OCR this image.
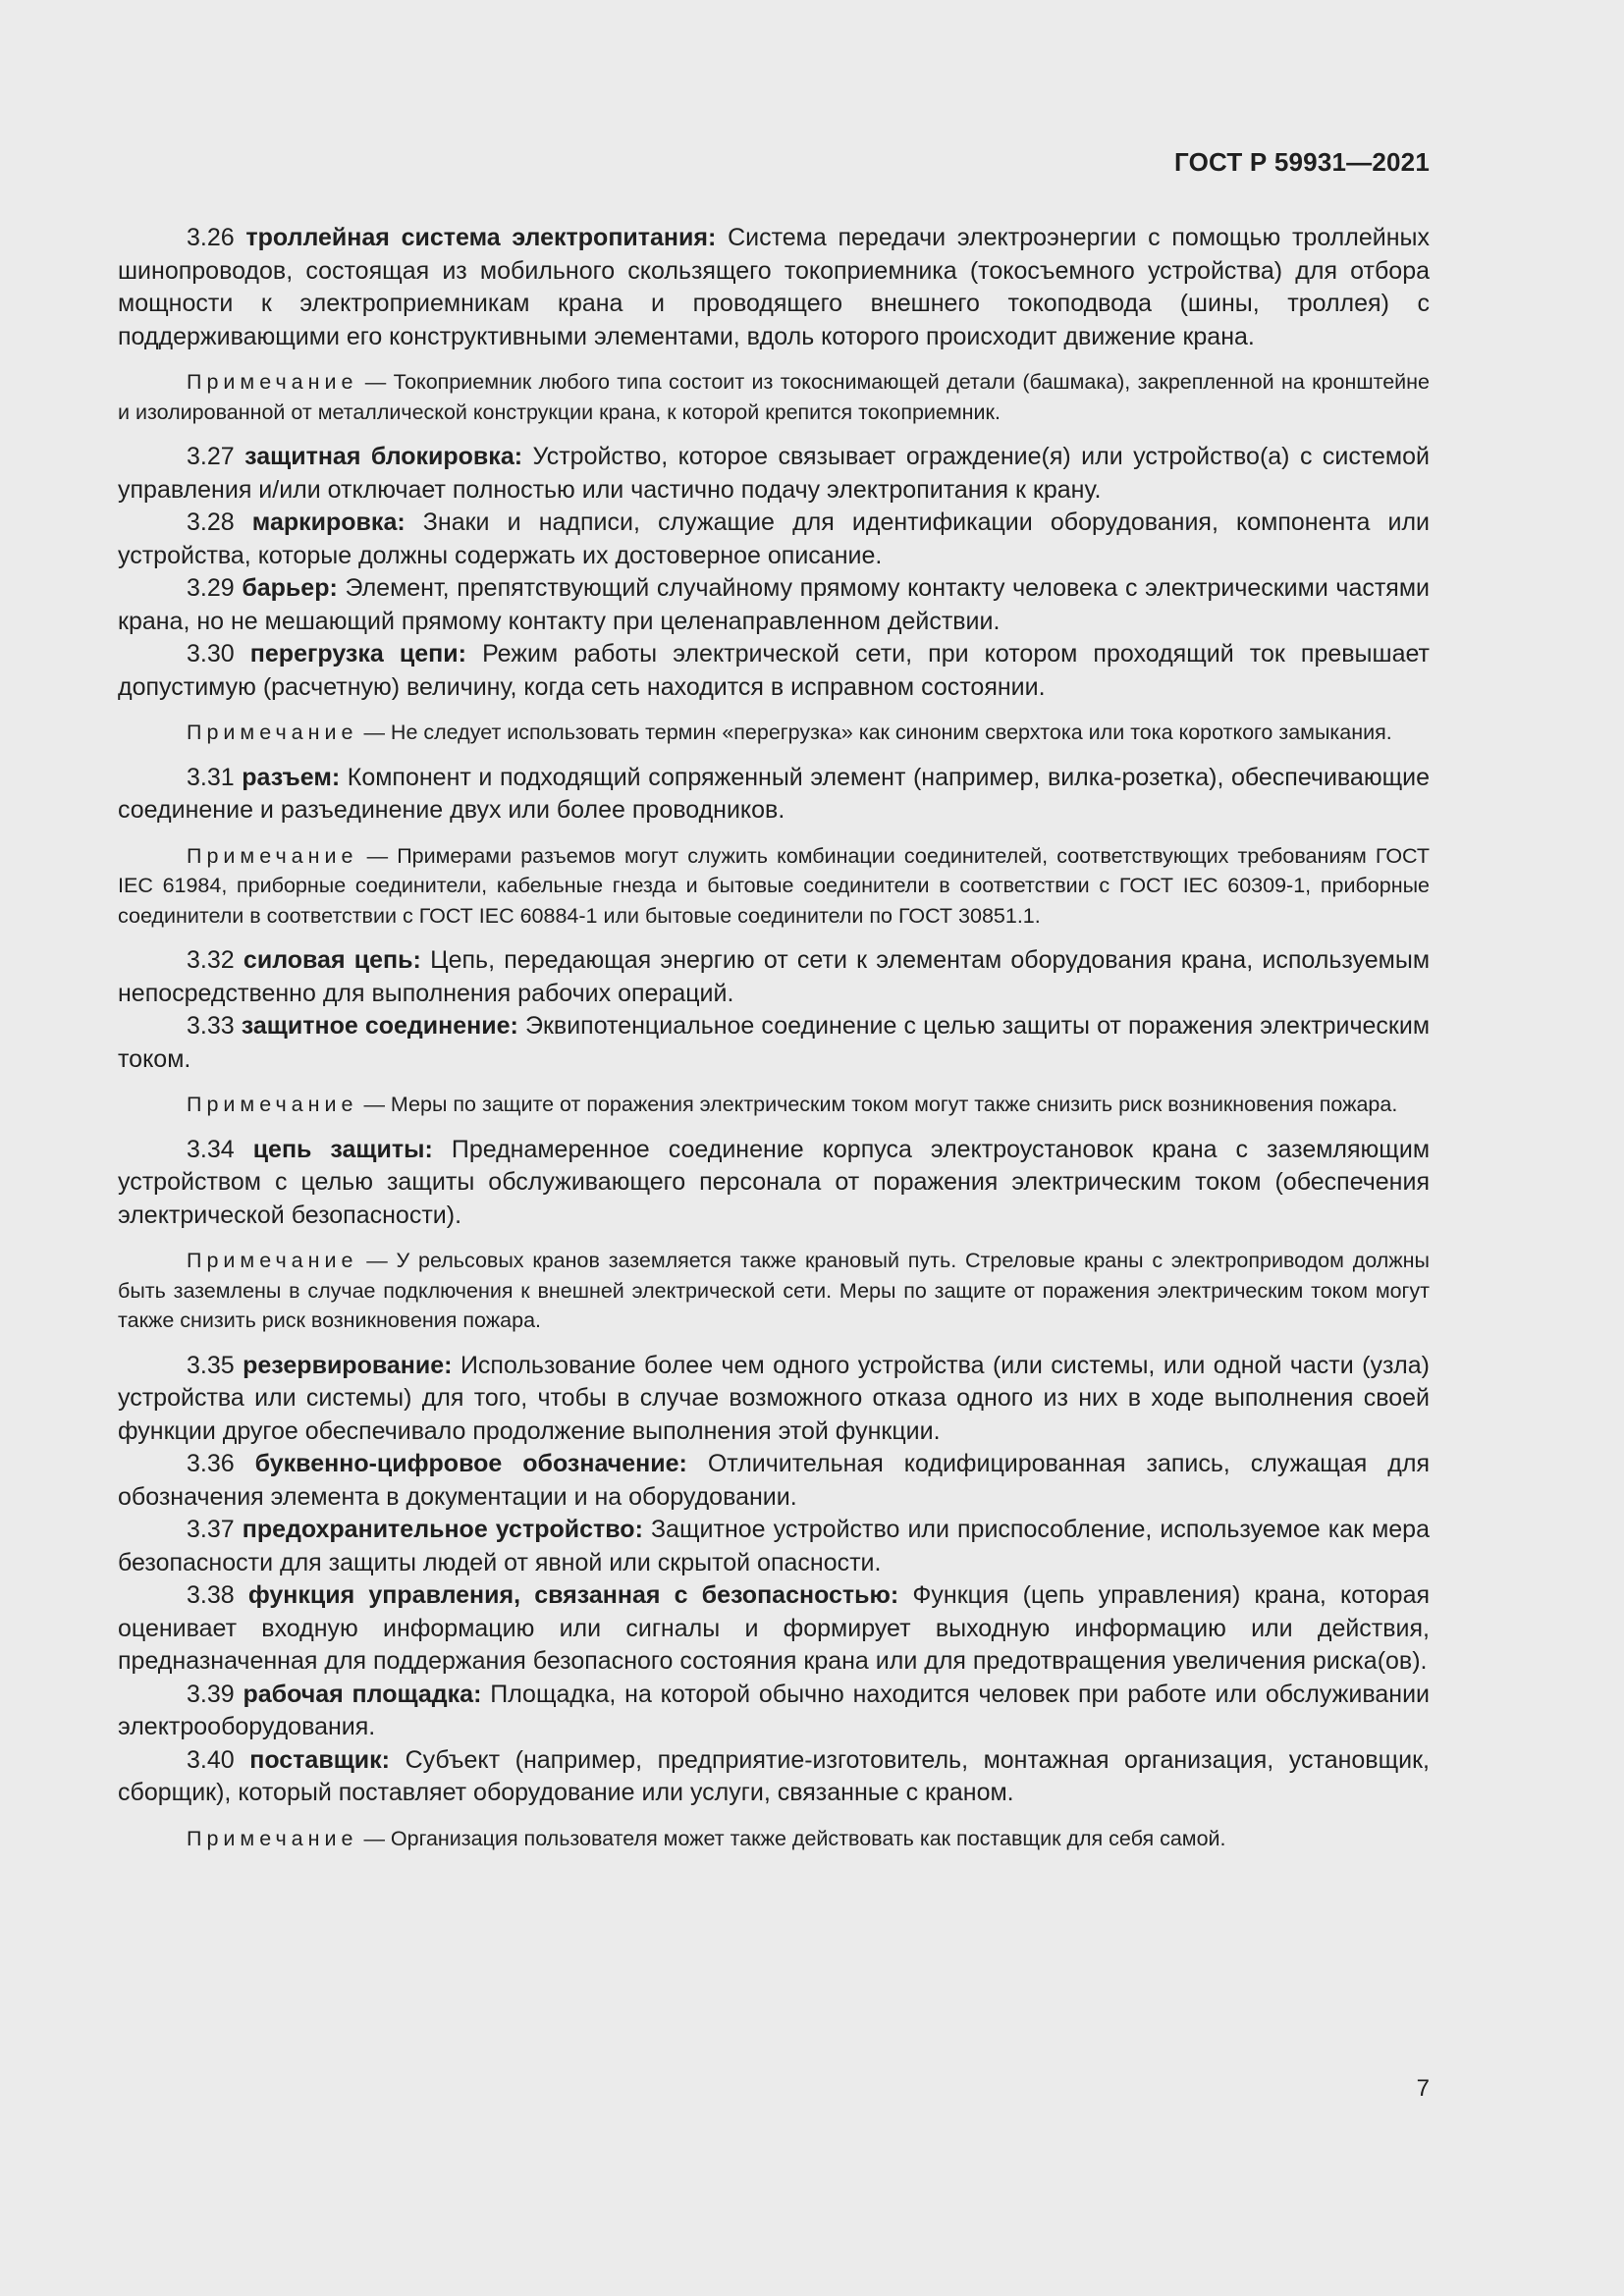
ГОСТ Р 59931—2021

3.26 троллейная система электропитания: Система передачи электроэнергии с помощью троллейных шинопроводов, состоящая из мобильного скользящего токоприемника (токосъемного устройства) для отбора мощности к электроприемникам крана и проводящего внешнего токоподвода (шины, троллея) с поддерживающими его конструктивными элементами, вдоль которого происходит движение крана.

Примечание — Токоприемник любого типа состоит из токоснимающей детали (башмака), закрепленной на кронштейне и изолированной от металлической конструкции крана, к которой крепится токоприемник.

3.27 защитная блокировка: Устройство, которое связывает ограждение(я) или устройство(а) с системой управления и/или отключает полностью или частично подачу электропитания к крану.

3.28 маркировка: Знаки и надписи, служащие для идентификации оборудования, компонента или устройства, которые должны содержать их достоверное описание.

3.29 барьер: Элемент, препятствующий случайному прямому контакту человека с электрическими частями крана, но не мешающий прямому контакту при целенаправленном действии.

3.30 перегрузка цепи: Режим работы электрической сети, при котором проходящий ток превышает допустимую (расчетную) величину, когда сеть находится в исправном состоянии.

Примечание — Не следует использовать термин «перегрузка» как синоним сверхтока или тока короткого замыкания.

3.31 разъем: Компонент и подходящий сопряженный элемент (например, вилка-розетка), обеспечивающие соединение и разъединение двух или более проводников.

Примечание — Примерами разъемов могут служить комбинации соединителей, соответствующих требованиям ГОСТ IEC 61984, приборные соединители, кабельные гнезда и бытовые соединители в соответствии с ГОСТ IEC 60309-1, приборные соединители в соответствии с ГОСТ IEC 60884-1 или бытовые соединители по ГОСТ 30851.1.

3.32 силовая цепь: Цепь, передающая энергию от сети к элементам оборудования крана, используемым непосредственно для выполнения рабочих операций.

3.33 защитное соединение: Эквипотенциальное соединение с целью защиты от поражения электрическим током.

Примечание — Меры по защите от поражения электрическим током могут также снизить риск возникновения пожара.

3.34 цепь защиты: Преднамеренное соединение корпуса электроустановок крана с заземляющим устройством с целью защиты обслуживающего персонала от поражения электрическим током (обеспечения электрической безопасности).

Примечание — У рельсовых кранов заземляется также крановый путь. Стреловые краны с электроприводом должны быть заземлены в случае подключения к внешней электрической сети. Меры по защите от поражения электрическим током могут также снизить риск возникновения пожара.

3.35 резервирование: Использование более чем одного устройства (или системы, или одной части (узла) устройства или системы) для того, чтобы в случае возможного отказа одного из них в ходе выполнения своей функции другое обеспечивало продолжение выполнения этой функции.

3.36 буквенно-цифровое обозначение: Отличительная кодифицированная запись, служащая для обозначения элемента в документации и на оборудовании.

3.37 предохранительное устройство: Защитное устройство или приспособление, используемое как мера безопасности для защиты людей от явной или скрытой опасности.

3.38 функция управления, связанная с безопасностью: Функция (цепь управления) крана, которая оценивает входную информацию или сигналы и формирует выходную информацию или действия, предназначенная для поддержания безопасного состояния крана или для предотвращения увеличения риска(ов).

3.39 рабочая площадка: Площадка, на которой обычно находится человек при работе или обслуживании электрооборудования.

3.40 поставщик: Субъект (например, предприятие-изготовитель, монтажная организация, установщик, сборщик), который поставляет оборудование или услуги, связанные с краном.

Примечание — Организация пользователя может также действовать как поставщик для себя самой.

7
